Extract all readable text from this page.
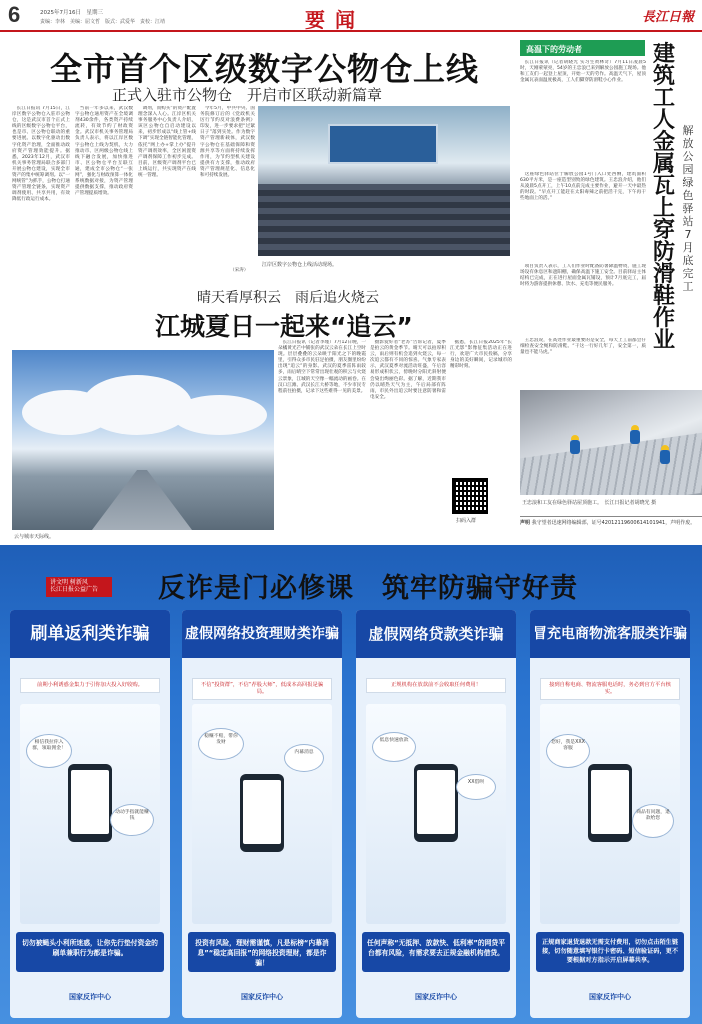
6	2025年7月16日　星期三
责编：李林　美编：屈文哲　版式：武爱华　责校：江靖	要闻	長江日報
全市首个区级数字公物仓上线
正式入驻市公物仓　开启市区联动新篇章

长江日报讯 7月15日，江岸区数字公物仓入驻市公物仓，这是武汉市首个正式上线的区级数字公物仓平台，也是市、区公物仓联动的重要进展。以数字化驱动出数字化资产治理，全面推动政府资产管理效能提升。据悉，2023年12月，武汉市机关事务管理局联合多部门开展公物仓建设，实现全市资产的集中统筹调剂。以“一网统管”为抓手，公物仓打通资产管理全链条，实现资产调剂使用、共享共用，有效降低行政运行成本。

当前一年多以来，武汉数字公物仓通用资产在全境调剂430余件，各类资产持续流转，有效节约了财政资金。武汉市机关事务管理局负责人表示，将以江岸区数字公物仓上线为契机，大力推动市、区两级公物仓线上线下融合发展，加快推进市、区公物仓平台互联互通，建成全市公物仓“一张网”，强化与财政预算一体化系统数据对接，为资产管理提供数据支撑，推动政府资产管理提质增效。

调剂，而购买”的资产配置理念深入人心。江岸区机关事务服务中心负责人介绍，该区公物仓自启动建设以来，初步形成以“线上管+线下调”实现全链智能化管理，依托“网上办+掌上办”提升资产调剂效率，全区闲置资产调剂保障工作初步完成。目前，区级资产调剂平台已上线运行，共实现资产在线统一管理。

今年5月，中共中央、国务院修订后的《党政机关厉行节约反对浪费条例》印发，进一步要求把“过紧日子”落到实处。作为数字资产管理新载体，武汉数字公物仓在基础保障和资源共享等方面将持续发挥作用，为节约型机关建设提供有力支撑，推动政府资产管理规范化、信息化和可持续发展。

（宋涛）
江岸区数字公物仓上线活动现场。
晴天看厚积云　雨后追火烧云
江城夏日一起来“追云”
云与城市天际线。

长江日报讯（记者李瑾）7月12日晚，一朵橘黄光芒中铺张的武汉云朵在长江上空时现。层层叠叠的云朵映于阳光之下的晚霞里，引得众多市民驻足拍摄，朋友圈里纷纷出现“追云”的身影。武汉的夏季雷阵雨较多，雨后晴空下常常出现壮观的积云与火烧云景象，江城的天空像一幅流动的画卷。在汉口江滩、武汉长江大桥等地，不少市民专程前往拍摄，记录下这些难得一见的美景。

摄影爱好者“老苏”告诉记者，夏季是拍云的黄金季节。晴天可以拍厚积云，雨后则有机会追到火烧云，每一次追云都有不同的惊喜。气象专家表示，武汉夏季对流活动旺盛，午后容易形成积状云，傍晚时分阳光斜射便会染出绚丽色彩。据了解，近期我市仍以晴热天气为主，午后局部有阵雨，市民外出追云时要注意防暑和雷电安全。

据悉，长江日报2025年“长江光影”影像征集活动正在进行，欢迎广大市民投稿，分享身边的美好瞬间，记录城市的精彩时刻。

扫码入群
高温下的劳动者	建筑工人金属瓦上穿防滑鞋作业
解放公园绿色驿站7月底完工

长江日报讯（记者胡晓光 实习生黄林奇）7月11日凌晨5时，天刚蒙蒙亮，54岁的王忠浪已来到解放公园施工现场。他和工友们一起登上屋顶，开始一天的劳作。高温天气下，屋顶金属瓦表面温度极高，工人们脚穿防滑鞋小心作业。

这座绿色驿站位于解放公园1号门入口处西侧，建筑面积630平方米，是一座造型别致的绿色建筑。王忠浪介绍，他们从凌晨5点开工，上午10点前完成主要作业，避开一天中最热的时段。“早点开工能赶在太阳毒辣之前把活干完，下午再干些地面上的活。”

项目负责人表示，工人们作业时配备防暑降温物资，施工现场设有休息区和遮阳棚，确保高温下施工安全。目前驿站主体结构已完成，正在进行屋面金属瓦铺设，预计7月底完工，届时将为游客提供休憩、饮水、充电等便民服务。

王忠浪说，在高处作业最重要的是安全，每天上工前都会仔细检查安全绳和防滑鞋。“干这一行好几年了，安全第一，质量也不能马虎。”

王忠浪和工友在绿色驿站屋顶施工。　长江日报记者胡晓光 摄
声明 我守望者迅速网络编辑部，证号42012119600614101941，声明作废。
讲文明 树新风
长江日报公益广告	反诈是门必修课　筑牢防骗守好责
刷单返利类诈骗
前期小利诱惑金集力于引你加大投入好收购。
相信我拉你入群，领取佣金！
动动手指就能赚钱
切勿被蝇头小利所迷惑，让你先行垫付资金的刷单兼职行为都是诈骗。
国家反诈中心
虚假网络投资理财类诈骗
不信“投资群”，不信“荐股大师”，低成本高回报是骗局。
稳赚不赔，带你发财
内幕消息
投资有风险，理财需谨慎，凡是标榜“内幕消息”“稳定高回报”的网络投资理财，都是诈骗！
国家反诈中心
虚假网络贷款类诈骗
正规机构在放款前不会收取任何费用！
低息快速放款
XX借呗
任何声称“无抵押、放款快、低利率”的网贷平台都有风险，有需求要去正规金融机构借贷。
国家反诈中心
冒充电商物流客服类诈骗
接到自称电商、物流客服电话时，务必到官方平台核实。
您好，我是XXX客服
商品有问题，退款给您
正规商家退货退款无需支付费用，切勿点击陌生链接，切勿随意填写银行卡密码、短信验证码，更不要根据对方指示开启屏幕共享。
国家反诈中心
